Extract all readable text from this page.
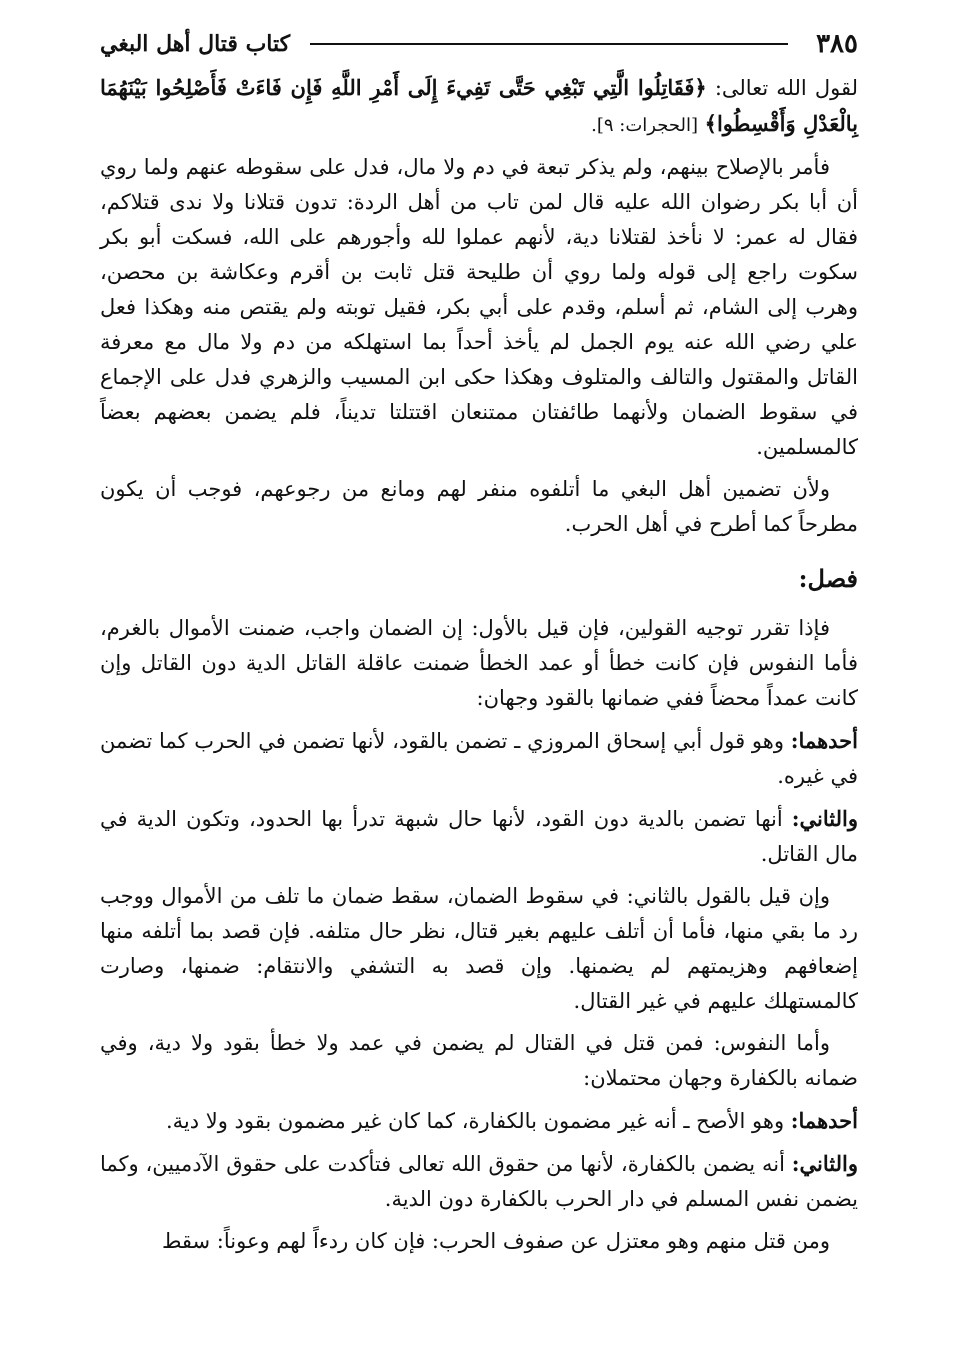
٣٨٥
كتاب قتال أهل البغي

لقول الله تعالى: ﴿فَقَاتِلُوا الَّتِي تَبْغِي حَتَّى تَفِيءَ إِلَى أَمْرِ اللَّهِ فَإِن فَاءَتْ فَأَصْلِحُوا بَيْنَهُمَا بِالْعَدْلِ وَأَقْسِطُوا﴾ [الحجرات: ٩].

فأمر بالإصلاح بينهم، ولم يذكر تبعة في دم ولا مال، فدل على سقوطه عنهم ولما روي أن أبا بكر رضوان الله عليه قال لمن تاب من أهل الردة: تدون قتلانا ولا ندى قتلاكم، فقال له عمر: لا نأخذ لقتلانا دية، لأنهم عملوا لله وأجورهم على الله، فسكت أبو بكر سكوت راجع إلى قوله ولما روي أن طليحة قتل ثابت بن أقرم وعكاشة بن محصن، وهرب إلى الشام، ثم أسلم، وقدم على أبي بكر، فقيل توبته ولم يقتص منه وهكذا فعل علي رضي الله عنه يوم الجمل لم يأخذ أحداً بما استهلكه من دم ولا مال مع معرفة القاتل والمقتول والتالف والمتلوف وهكذا حكى ابن المسيب والزهري فدل على الإجماع في سقوط الضمان ولأنهما طائفتان ممتنعان اقتتلتا تديناً، فلم يضمن بعضهم بعضاً كالمسلمين.

ولأن تضمين أهل البغي ما أتلفوه منفر لهم ومانع من رجوعهم، فوجب أن يكون مطرحاً كما أطرح في أهل الحرب.

فصل:

فإذا تقرر توجيه القولين، فإن قيل بالأول: إن الضمان واجب، ضمنت الأموال بالغرم، فأما النفوس فإن كانت خطأ أو عمد الخطأ ضمنت عاقلة القاتل الدية دون القاتل وإن كانت عمداً محضاً ففي ضمانها بالقود وجهان:

أحدهما: وهو قول أبي إسحاق المروزي ـ تضمن بالقود، لأنها تضمن في الحرب كما تضمن في غيره.

والثاني: أنها تضمن بالدية دون القود، لأنها حال شبهة تدرأ بها الحدود، وتكون الدية في مال القاتل.

وإن قيل بالقول بالثاني: في سقوط الضمان، سقط ضمان ما تلف من الأموال ووجب رد ما بقي منها، فأما أن أتلف عليهم بغير قتال، نظر حال متلفه. فإن قصد بما أتلفه منها إضعافهم وهزيمتهم لم يضمنها. وإن قصد به التشفي والانتقام: ضمنها، وصارت كالمستهلك عليهم في غير القتال.

وأما النفوس: فمن قتل في القتال لم يضمن في عمد ولا خطأ بقود ولا دية، وفي ضمانه بالكفارة وجهان محتملان:

أحدهما: وهو الأصح ـ أنه غير مضمون بالكفارة، كما كان غير مضمون بقود ولا دية.

والثاني: أنه يضمن بالكفارة، لأنها من حقوق الله تعالى فتأكدت على حقوق الآدميين، وكما يضمن نفس المسلم في دار الحرب بالكفارة دون الدية.

ومن قتل منهم وهو معتزل عن صفوف الحرب: فإن كان ردءاً لهم وعوناً: سقط
